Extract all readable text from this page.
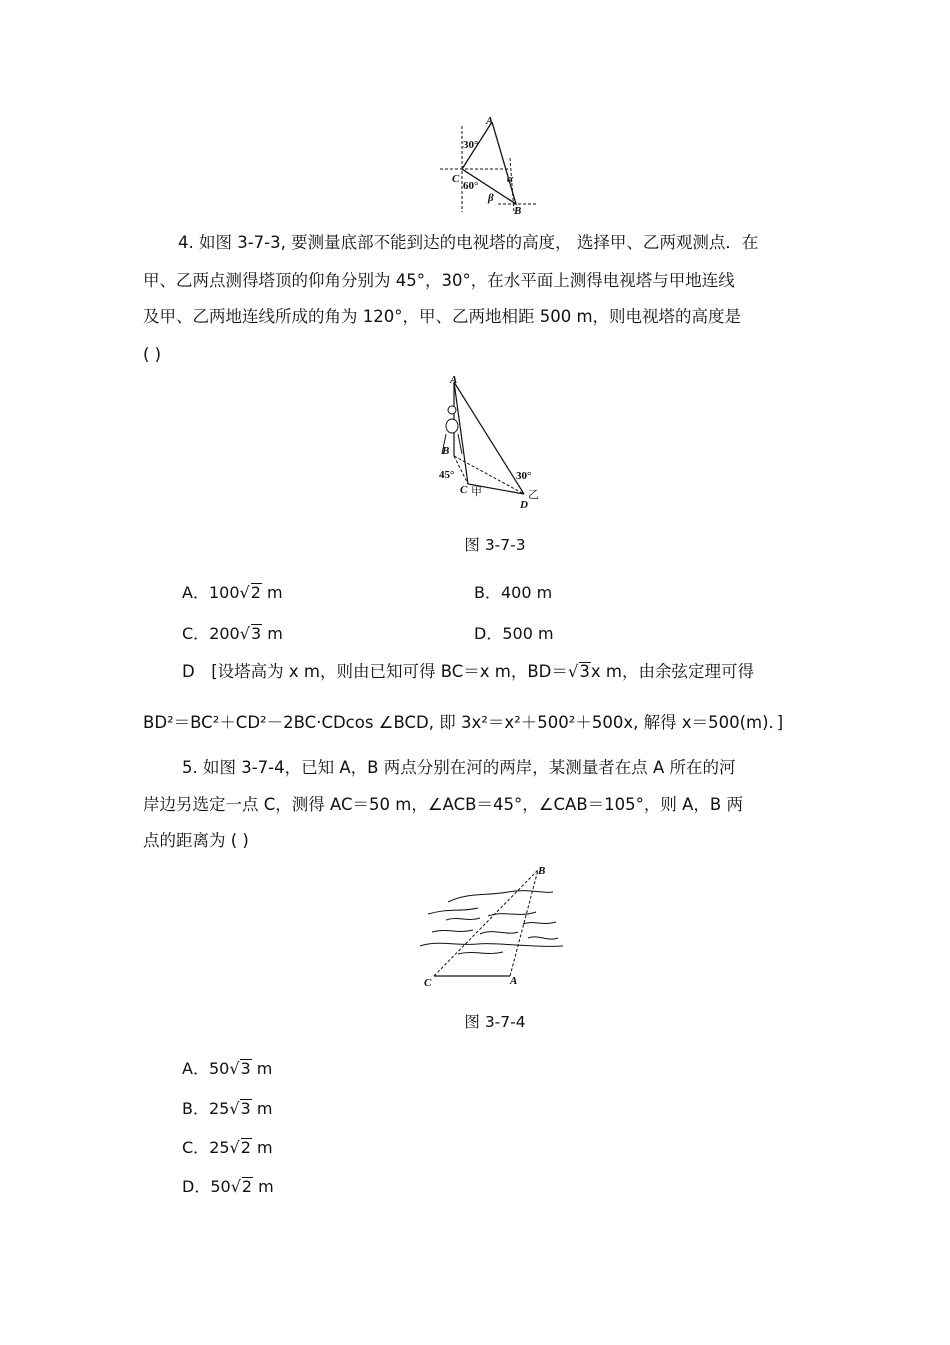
A
C
B
30°
60°
α
β
4. 如图 3-7-3, 要测量底部不能到达的电视塔的高度， 选择甲、乙两观测点．在
甲、乙两点测得塔顶的仰角分别为 45°，30°，在水平面上测得电视塔与甲地连线
及甲、乙两地连线所成的角为 120°，甲、乙两地相距 500 m，则电视塔的高度是
( )
A
B
C
D
45°	30°
甲	乙
图 3-7-3
A．100 √ 2 m	B．400 m
C．200 √ 3 m	D．500 m
D　[设塔高为 x m，则由已知可得 BC＝x m，BD＝ √ 3x m，由余弦定理可得
BD²＝BC²＋CD²－2BC·CDcos ∠BCD, 即 3x²＝x²＋500²＋500x, 解得 x＝500(m)．]
5. 如图 3-7-4，已知 A，B 两点分别在河的两岸，某测量者在点 A 所在的河
岸边另选定一点 C，测得 AC＝50 m，∠ACB＝45°，∠CAB＝105°，则 A，B 两
点的距离为 ( )
B
C	A
图 3-7-4
A．50 √ 3 m
B．25 √ 3 m
C．25 √ 2 m
D．50 √ 2 m
